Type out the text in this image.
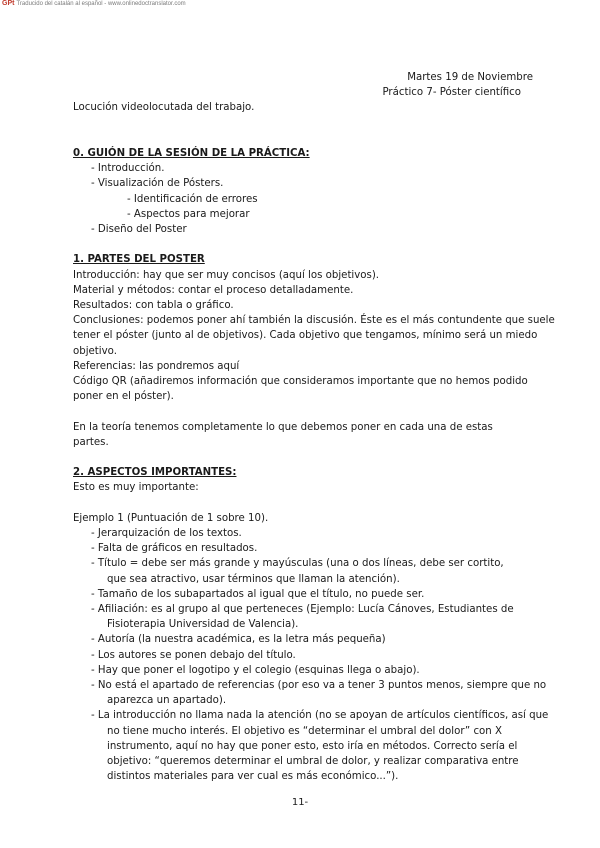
GPt Traducido del catalán al español - www.onlinedoctranslator.com
Martes 19 de Noviembre
Práctico 7- Póster científico
Locución videolocutada del trabajo.
0. GUIÓN DE LA SESIÓN DE LA PRÁCTICA:
- Introducción.
- Visualización de Pósters.
- Identificación de errores
- Aspectos para mejorar
- Diseño del Poster
1. PARTES DEL POSTER
Introducción: hay que ser muy concisos (aquí los objetivos).
Material y métodos: contar el proceso detalladamente.
Resultados: con tabla o gráfico.
Conclusiones: podemos poner ahí también la discusión. Éste es el más contundente que suele
tener el póster (junto al de objetivos). Cada objetivo que tengamos, mínimo será un miedo
objetivo.
Referencias: las pondremos aquí
Código QR (añadiremos información que consideramos importante que no hemos podido
poner en el póster).
En la teoría tenemos completamente lo que debemos poner en cada una de estas
partes.
2. ASPECTOS IMPORTANTES:
Esto es muy importante:
Ejemplo 1 (Puntuación de 1 sobre 10).
- Jerarquización de los textos.
- Falta de gráficos en resultados.
- Título = debe ser más grande y mayúsculas (una o dos líneas, debe ser cortito,
que sea atractivo, usar términos que llaman la atención).
- Tamaño de los subapartados al igual que el título, no puede ser.
- Afiliación: es al grupo al que perteneces (Ejemplo: Lucía Cánoves, Estudiantes de
Fisioterapia Universidad de Valencia).
- Autoría (la nuestra académica, es la letra más pequeña)
- Los autores se ponen debajo del título.
- Hay que poner el logotipo y el colegio (esquinas llega o abajo).
- No está el apartado de referencias (por eso va a tener 3 puntos menos, siempre que no
aparezca un apartado).
- La introducción no llama nada la atención (no se apoyan de artículos científicos, así que
no tiene mucho interés. El objetivo es “determinar el umbral del dolor” con X
instrumento, aquí no hay que poner esto, esto iría en métodos. Correcto sería el
objetivo: “queremos determinar el umbral de dolor, y realizar comparativa entre
distintos materiales para ver cual es más económico...”).
11-
